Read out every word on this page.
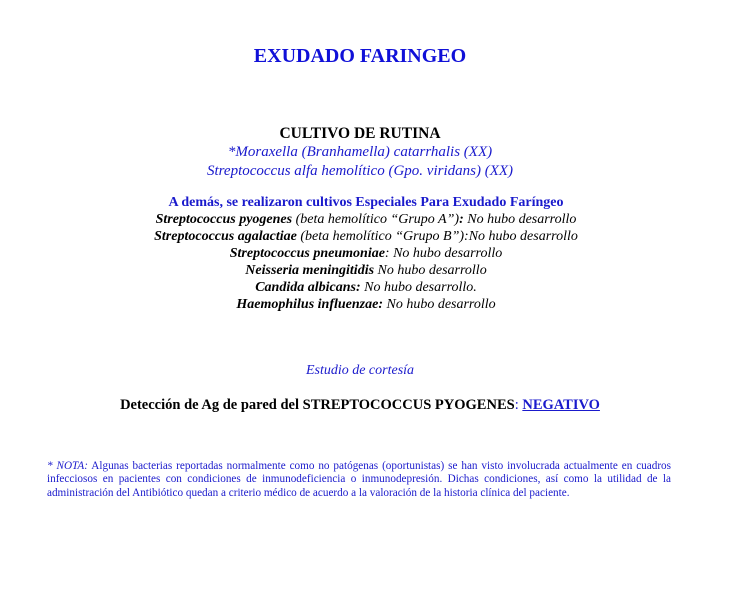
EXUDADO FARINGEO
CULTIVO DE RUTINA
*Moraxella (Branhamella) catarrhalis (XX)
Streptococcus alfa hemolítico (Gpo. viridans) (XX)
A demás, se realizaron cultivos Especiales Para Exudado Faríngeo
Streptococcus pyogenes (beta hemolítico “Grupo A”): No hubo desarrollo
Streptococcus agalactiae (beta hemolítico “Grupo B”):No hubo desarrollo
Streptococcus pneumoniae: No hubo desarrollo
Neisseria meningitidis No hubo desarrollo
Candida albicans: No hubo desarrollo.
Haemophilus influenzae: No hubo desarrollo
Estudio de cortesía
Detección de Ag de pared del STREPTOCOCCUS PYOGENES: NEGATIVO
* NOTA: Algunas bacterias reportadas normalmente como no patógenas (oportunistas) se han visto involucrada actualmente en cuadros infecciosos en pacientes con condiciones de inmunodeficiencia o inmunodepresión. Dichas condiciones, así como la utilidad de la administración del Antibiótico quedan a criterio médico de acuerdo a la valoración de la historia clínica del paciente.
